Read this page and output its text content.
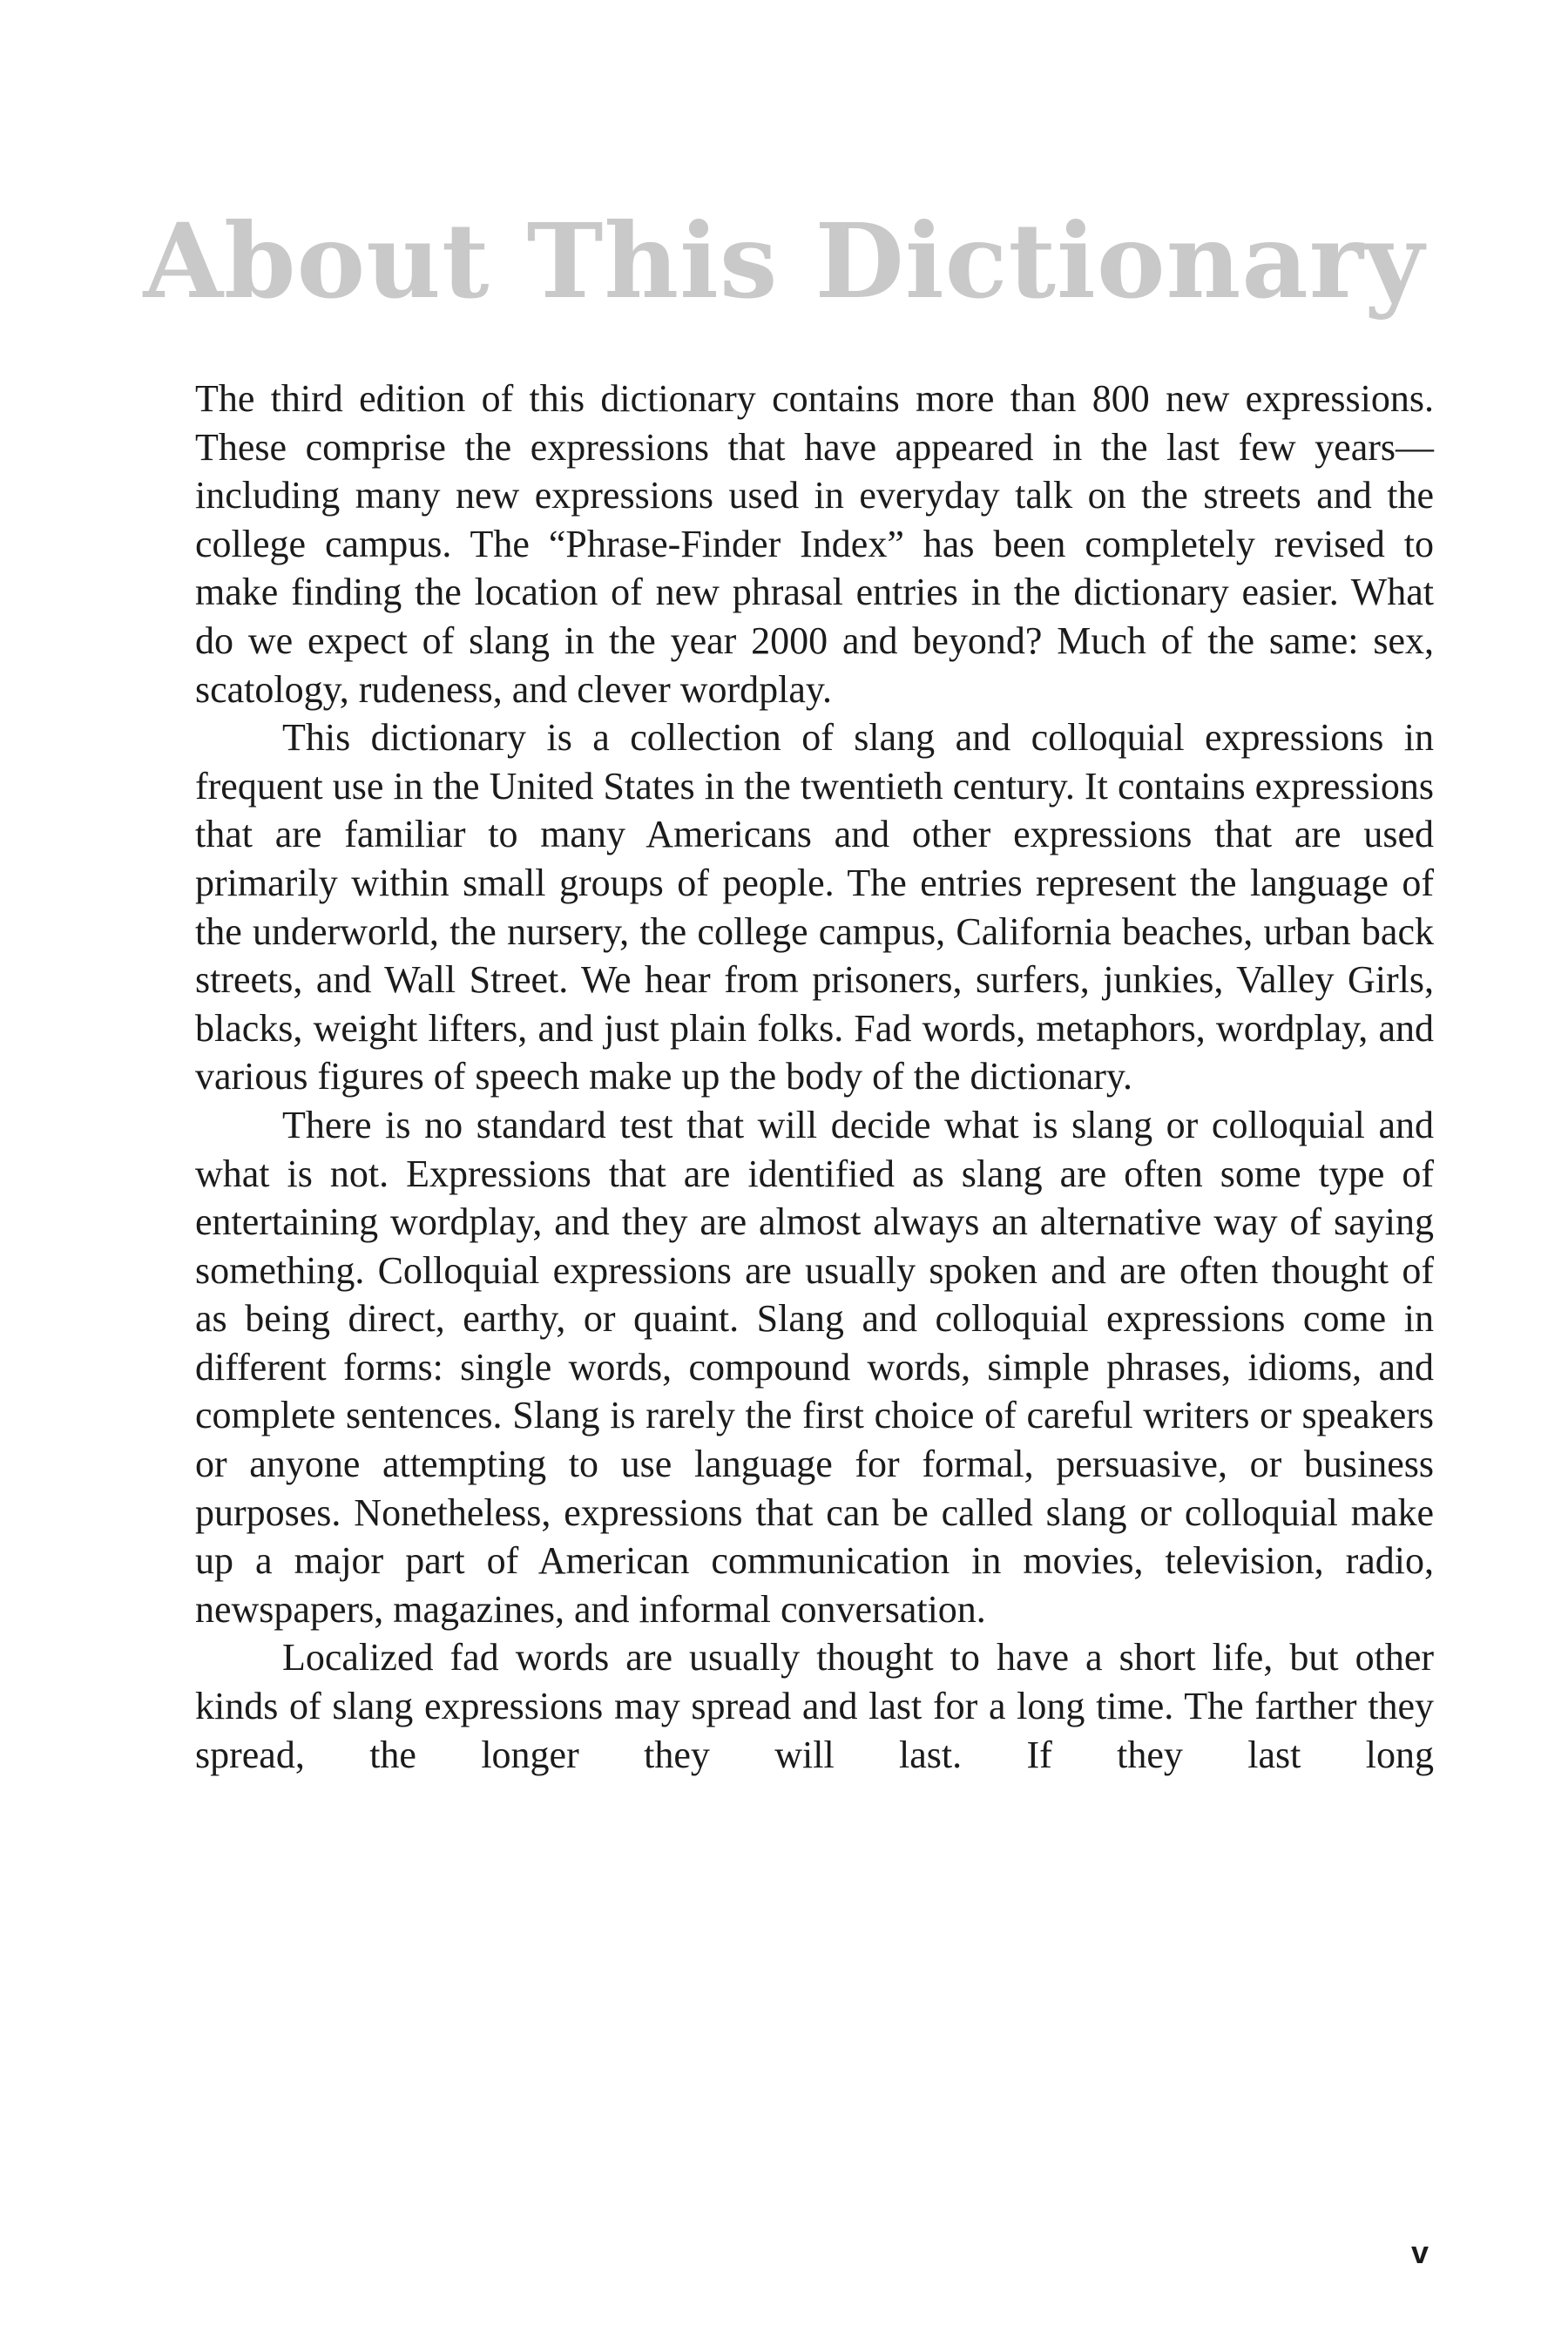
About This Dictionary

The third edition of this dictionary contains more than 800 new expressions. These comprise the expressions that have appeared in the last few years—including many new expressions used in everyday talk on the streets and the college campus. The “Phrase-Finder Index” has been completely revised to make finding the location of new phrasal entries in the dictionary easier. What do we expect of slang in the year 2000 and beyond? Much of the same: sex, scatology, rudeness, and clever wordplay.

This dictionary is a collection of slang and colloquial expressions in frequent use in the United States in the twentieth century. It contains expressions that are familiar to many Americans and other expressions that are used primarily within small groups of people. The entries represent the language of the underworld, the nursery, the college campus, California beaches, urban back streets, and Wall Street. We hear from prisoners, surfers, junkies, Valley Girls, blacks, weight lifters, and just plain folks. Fad words, metaphors, wordplay, and various figures of speech make up the body of the dictionary.

There is no standard test that will decide what is slang or colloquial and what is not. Expressions that are identified as slang are often some type of entertaining wordplay, and they are almost always an alternative way of saying something. Colloquial expressions are usually spoken and are often thought of as being direct, earthy, or quaint. Slang and colloquial expressions come in different forms: single words, compound words, simple phrases, idioms, and complete sentences. Slang is rarely the first choice of careful writers or speakers or anyone attempting to use language for formal, persuasive, or business purposes. Nonetheless, expressions that can be called slang or colloquial make up a major part of American communication in movies, television, radio, newspapers, magazines, and informal conversation.

Localized fad words are usually thought to have a short life, but other kinds of slang expressions may spread and last for a long time. The farther they spread, the longer they will last. If they last long

v
